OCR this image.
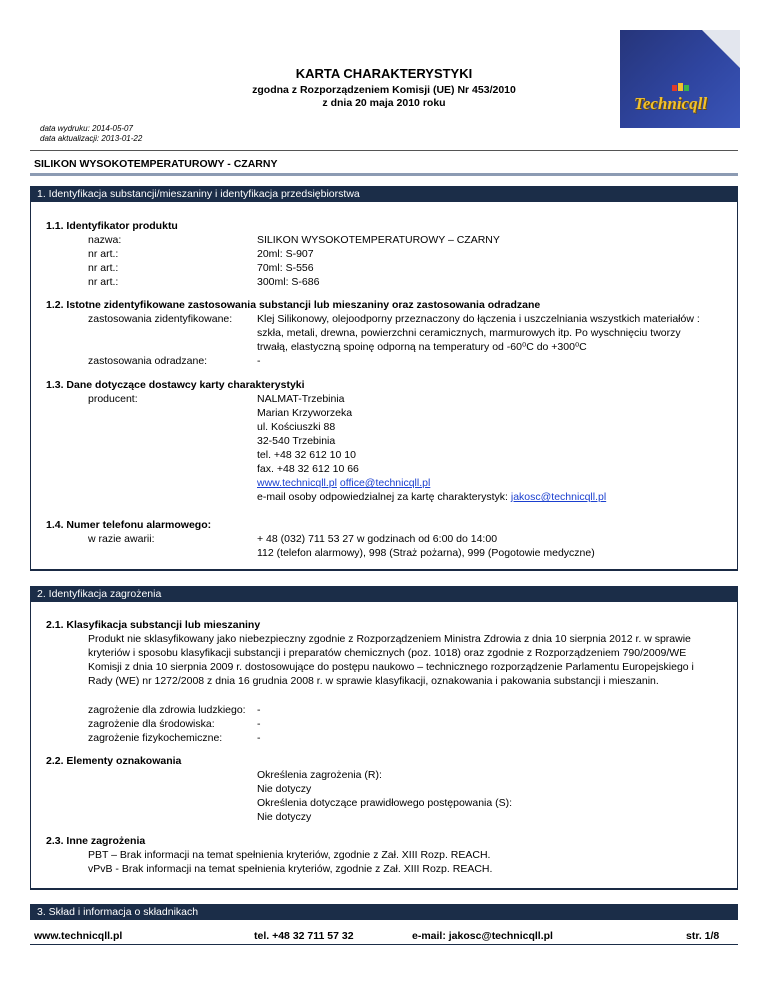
KARTA CHARAKTERYSTYKI
zgodna z Rozporządzeniem Komisji (UE) Nr 453/2010
z dnia 20 maja 2010 roku	Technicqll
data wydruku: 2014-05-07
data aktualizacji: 2013-01-22
SILIKON WYSOKOTEMPERATUROWY - CZARNY
1. Identyfikacja substancji/mieszaniny i identyfikacja przedsiębiorstwa
1.1. Identyfikator produktu
nazwa:	SILIKON WYSOKOTEMPERATUROWY – CZARNY
nr art.:	20ml: S-907
nr art.:	70ml: S-556
nr art.:	300ml: S-686
1.2. Istotne zidentyfikowane zastosowania substancji lub mieszaniny oraz zastosowania odradzane
zastosowania zidentyfikowane: Klej Silikonowy, olejoodporny przeznaczony do łączenia i uszczelniania wszystkich materiałów :
szkła, metali, drewna, powierzchni ceramicznych, marmurowych itp. Po wyschnięciu tworzy
trwałą, elastyczną spoinę odporną na temperatury od -60⁰C do +300⁰C
zastosowania odradzane:	-
1.3. Dane dotyczące dostawcy karty charakterystyki
producent:	NALMAT-Trzebinia
Marian Krzyworzeka
ul. Kościuszki 88
32-540 Trzebinia
tel. +48 32 612 10 10
fax. +48 32 612 10 66
www.technicqll.pl office@technicqll.pl
e-mail osoby odpowiedzialnej za kartę charakterystyk: jakosc@technicqll.pl
1.4. Numer telefonu alarmowego:
w razie awarii:	+ 48 (032) 711 53 27 w godzinach od 6:00 do 14:00
112 (telefon alarmowy), 998 (Straż pożarna), 999 (Pogotowie medyczne)
2. Identyfikacja zagrożenia
2.1. Klasyfikacja substancji lub mieszaniny
Produkt nie sklasyfikowany jako niebezpieczny zgodnie z Rozporządzeniem Ministra Zdrowia z dnia 10 sierpnia 2012 r. w sprawie
kryteriów i sposobu klasyfikacji substancji i preparatów chemicznych (poz. 1018) oraz zgodnie z Rozporządzeniem 790/2009/WE
Komisji z dnia 10 sierpnia 2009 r. dostosowujące do postępu naukowo – technicznego rozporządzenie Parlamentu Europejskiego i
Rady (WE) nr 1272/2008 z dnia 16 grudnia 2008 r. w sprawie klasyfikacji, oznakowania i pakowania substancji i mieszanin.
zagrożenie dla zdrowia ludzkiego: -
zagrożenie dla środowiska:	-
zagrożenie fizykochemiczne:	-
2.2. Elementy oznakowania
Określenia zagrożenia (R):
Nie dotyczy
Określenia dotyczące prawidłowego postępowania (S):
Nie dotyczy
2.3. Inne zagrożenia
PBT – Brak informacji na temat spełnienia kryteriów, zgodnie z Zał. XIII Rozp. REACH.
vPvB - Brak informacji na temat spełnienia kryteriów, zgodnie z Zał. XIII Rozp. REACH.
3. Skład i informacja o składnikach
www.technicqll.pl	tel. +48 32 711 57 32	e-mail: jakosc@technicqll.pl	str. 1/8
